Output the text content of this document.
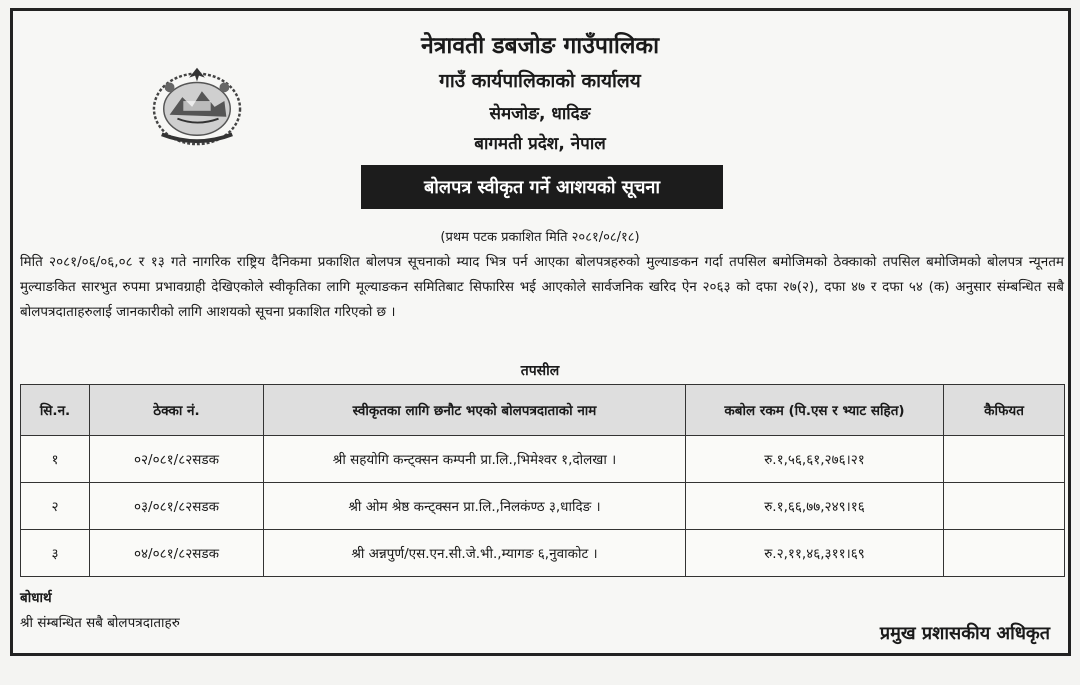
नेत्रावती डबजोङ गाउँपालिका
गाउँ कार्यपालिकाको कार्यालय
सेमजोङ, धादिङ
बागमती प्रदेश, नेपाल
बोलपत्र स्वीकृत गर्ने आशयको सूचना
(प्रथम पटक प्रकाशित मिति २०८१/०८/१८)

मिति २०८१/०६/०६,०८ र १३ गते नागरिक राष्ट्रिय दैनिकमा प्रकाशित बोलपत्र सूचनाको म्याद भित्र पर्न आएका बोलपत्रहरुको मुल्याङकन गर्दा तपसिल बमोजिमको ठेक्काको तपसिल बमोजिमको बोलपत्र न्यूनतम मुल्याङकित सारभुत रुपमा प्रभावग्राही देखिएकोले स्वीकृतिका लागि मूल्याङकन समितिबाट सिफारिस भई आएकोले सार्वजनिक खरिद ऐन २०६३ को दफा २७(२), दफा ४७ र दफा ५४ (क) अनुसार संम्बन्धित सबै बोलपत्रदाताहरुलाई जानकारीको लागि आशयको सूचना प्रकाशित गरिएको छ ।

तपसील
सि.न.	ठेक्का नं.	स्वीकृतका लागि छनौट भएको बोलपत्रदाताको नाम	कबोल रकम (पि.एस र भ्याट सहित)	कैफियत
१	०२/०८१/८२सडक	श्री सहयोगि कन्ट्क्सन कम्पनी प्रा.लि.,भिमेश्वर १,दोलखा ।	रु.१,५६,६१,२७६।२१	
२	०३/०८१/८२सडक	श्री ओम श्रेष्ठ कन्ट्क्सन प्रा.लि.,निलकंण्ठ ३,धादिङ ।	रु.१,६६,७७,२४९।१६	
३	०४/०८१/८२सडक	श्री अन्नपुर्ण/एस.एन.सी.जे.भी.,म्यागङ ६,नुवाकोट ।	रु.२,११,४६,३११।६९	
बोधार्थ
श्री संम्बन्धित सबै बोलपत्रदाताहरु	प्रमुख प्रशासकीय अधिकृत
